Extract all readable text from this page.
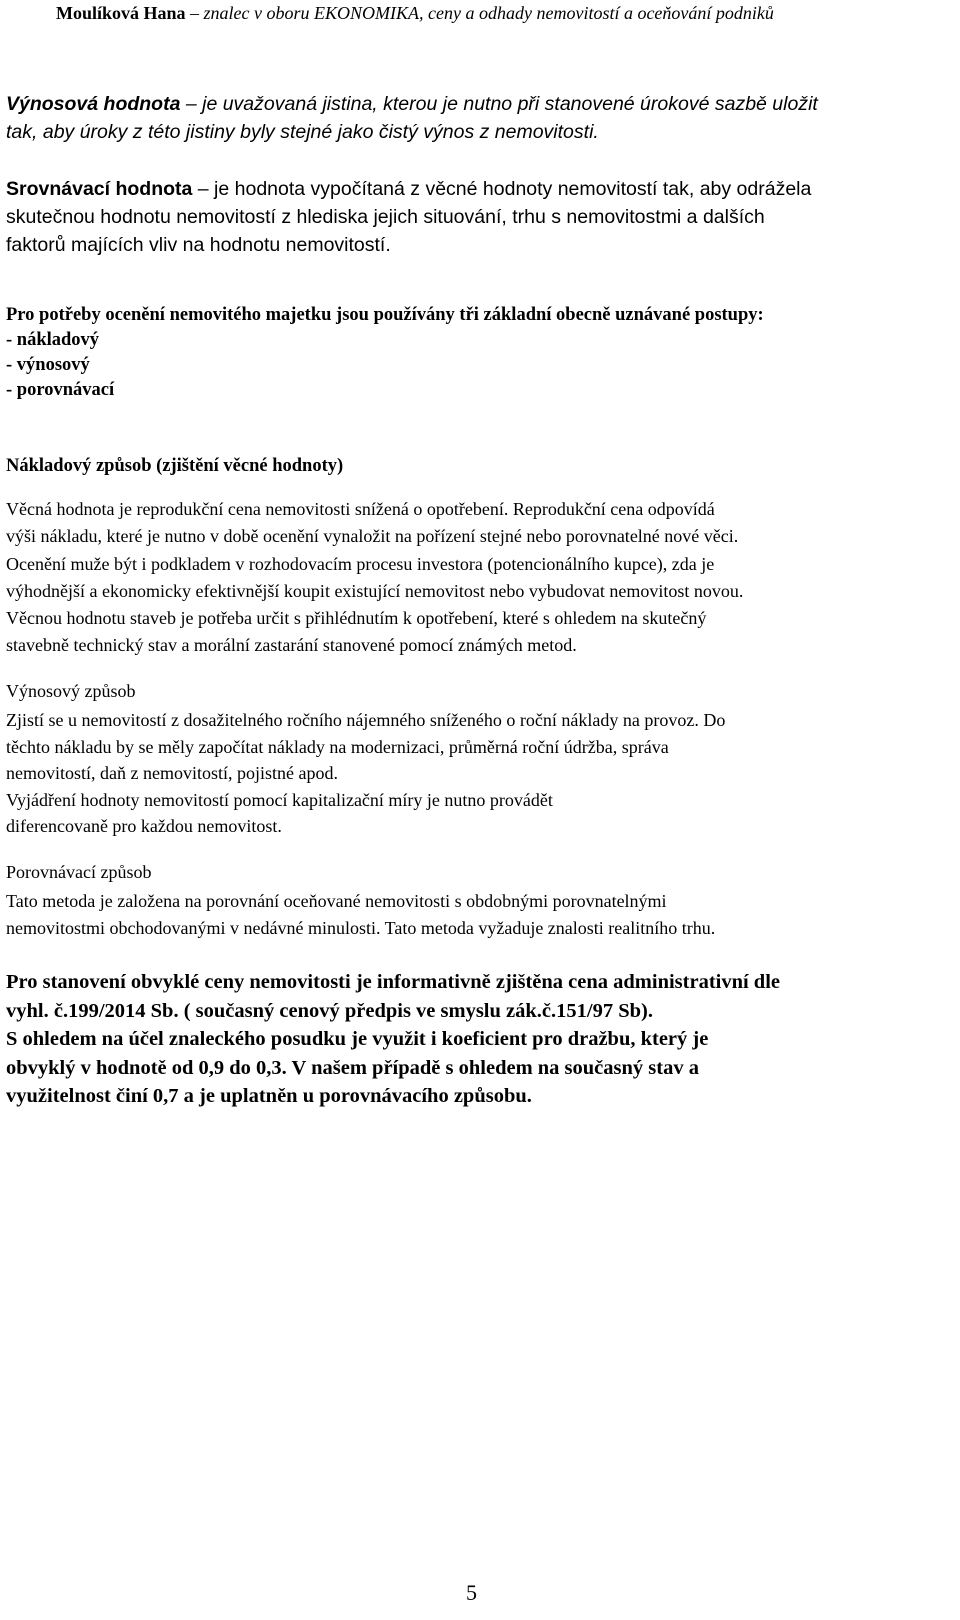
Moulíková Hana – znalec v oboru EKONOMIKA, ceny a odhady nemovitostí a oceňování podniků
Výnosová hodnota – je uvažovaná jistina, kterou je nutno při stanovené úrokové sazbě uložit
tak, aby úroky z této jistiny byly stejné jako čistý výnos z nemovitosti.
Srovnávací hodnota – je hodnota vypočítaná z věcné hodnoty nemovitostí tak, aby odrážela
skutečnou hodnotu nemovitostí z hlediska jejich situování, trhu s nemovitostmi a dalších
faktorů majících vliv na hodnotu nemovitostí.
Pro potřeby ocenění nemovitého majetku jsou používány tři základní obecně uznávané postupy:
- nákladový
- výnosový
- porovnávací
Nákladový způsob (zjištění věcné hodnoty)
Věcná hodnota je reprodukční cena nemovitosti snížená o opotřebení. Reprodukční cena odpovídá
výši nákladu, které je nutno v době ocenění vynaložit na pořízení stejné nebo porovnatelné nové věci.
Ocenění muže být i podkladem v rozhodovacím procesu investora (potencionálního kupce), zda je
výhodnější a ekonomicky efektivnější koupit existující nemovitost nebo vybudovat nemovitost novou.
Věcnou hodnotu staveb je potřeba určit s přihlédnutím k opotřebení, které s ohledem na skutečný
stavebně technický stav a morální zastarání stanovené pomocí známých metod.
Výnosový způsob
Zjistí se u nemovitostí z dosažitelného ročního nájemného sníženého o roční náklady na provoz. Do
těchto nákladu by se měly započítat náklady na modernizaci, průměrná roční údržba, správa
nemovitostí, daň z nemovitostí, pojistné apod.
Vyjádření hodnoty nemovitostí pomocí kapitalizační míry je nutno provádět
diferencovaně pro každou nemovitost.
Porovnávací způsob
Tato metoda je založena na porovnání oceňované nemovitosti s obdobnými porovnatelnými
nemovitostmi obchodovanými v nedávné minulosti. Tato metoda vyžaduje znalosti realitního trhu.
Pro stanovení obvyklé ceny nemovitosti je informativně zjištěna cena administrativní dle
vyhl. č.199/2014 Sb. ( současný cenový předpis ve smyslu zák.č.151/97 Sb).
S ohledem na účel znaleckého posudku je využit i koeficient pro dražbu, který je
obvyklý v hodnotě od 0,9 do 0,3. V našem případě s ohledem na současný stav a
využitelnost činí 0,7 a je uplatněn u porovnávacího způsobu.
5
